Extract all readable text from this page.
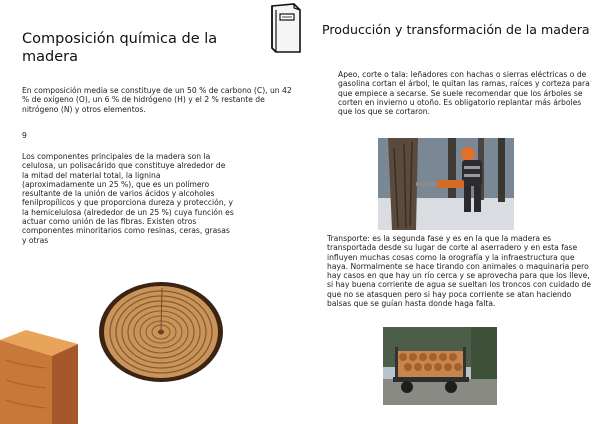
Composición química de la madera
En composición media se constituye de un 50 % de carbono (C), un 42 % de oxígeno (O), un 6 % de hidrógeno (H) y el 2 % restante de nitrógeno (N) y otros elementos.
9
Los componentes principales de la madera son la celulosa, un polisacárido que constituye alrededor de la mitad del material total, la lignina (aproximadamente un 25 %), que es un polímero resultante de la unión de varios ácidos y alcoholes fenilpropílicos y que proporciona dureza y protección, y la hemicelulosa (alrededor de un 25 %) cuya función es actuar como unión de las fibras. Existen otros componentes minoritarios como resinas, ceras, grasas y otras
Producción y transformación de la madera
Apeo, corte o tala: leñadores con hachas o sierras eléctricas o de gasolina cortan el árbol, le quitan las ramas, raíces y corteza para que empiece a secarse. Se suele recomendar que los árboles se corten en invierno u otoño. Es obligatorio replantar más árboles que los que se cortaron.
Transporte: es la segunda fase y es en la que la madera es transportada desde su lugar de corte al aserradero y en esta fase influyen muchas cosas como la orografía y la infraestructura que haya. Normalmente se hace tirando con animales o maquinaria pero hay casos en que hay un río cerca y se aprovecha para que los lleve, si hay buena corriente de agua se sueltan los troncos con cuidado de que no se atasquen pero si hay poca corriente se atan haciendo balsas que se guían hasta donde haga falta.
